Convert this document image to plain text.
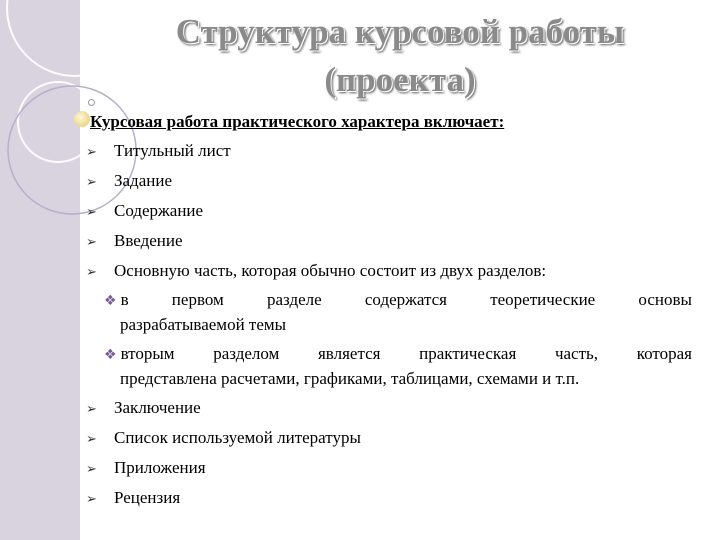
Структура курсовой работы
(проекта)
Курсовая работа практического характера включает:
➢ Титульный лист
➢ Задание
➢ Содержание
➢ Введение
➢ Основную часть, которая обычно состоит из двух разделов:
❖ в	первом	разделе	содержатся	теоретические	основы
разрабатываемой темы
❖ вторым разделом является практическая часть, которая
представлена расчетами, графиками, таблицами, схемами и т.п.
➢ Заключение
➢ Список используемой литературы
➢ Приложения
➢ Рецензия
